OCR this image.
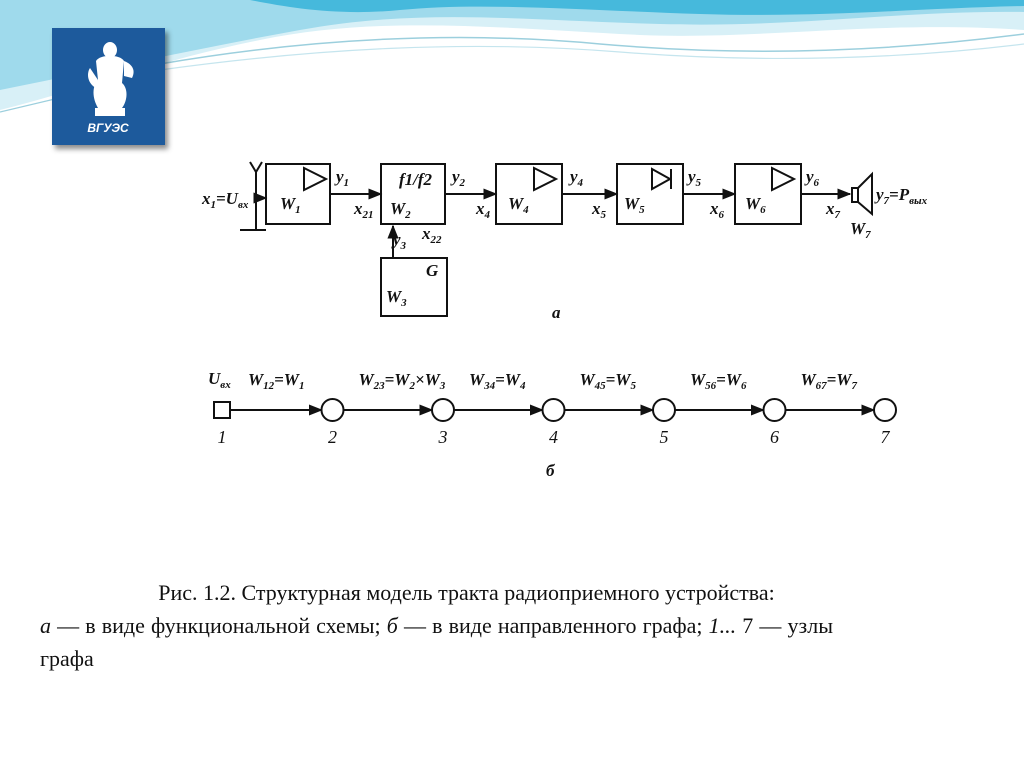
ВГУЭС
$x_1=U_{вх}$ $W_1$	$W_2$
f1/f2
$W_3$
G
$W_4$	$W_5$	$W_6$
$W_7$
$y_1$
$x_{21}$
$y_2$
$x_4$
$y_3$
$x_{22}$
$y_4$
$x_5$
$y_5$
$x_6$
$y_6$
$x_7$
$y_7=P_{вых}$
а
1	2	3	4	5	6	7
$W_{12}=W_1$	$W_{23}=W_2\times W_3$ $W_{34}=W_4$	$W_{45}=W_5$	$W_{56}=W_6$	$W_{67}=W_7$
$U_{вх}$
б
Рис. 1.2. Структурная модель тракта радиоприемного устройства:
а — в виде функциональной схемы; б — в виде направленного графа; 1... 7 — узлы графа
